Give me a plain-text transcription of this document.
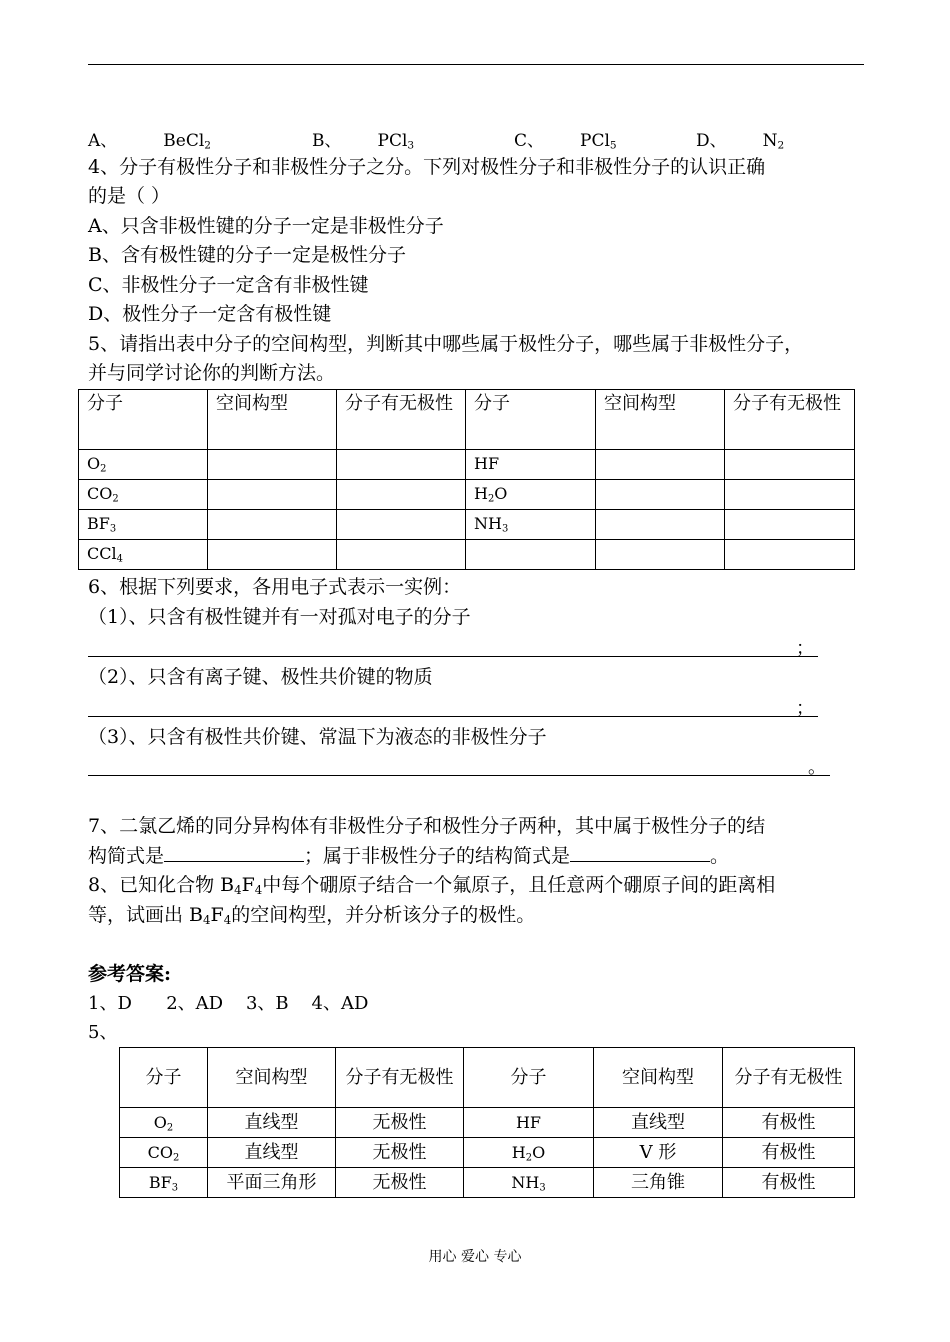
A、	BeCl$_2$	B、 PCl$_3$	C、 PCl$_5$	D、 $N_2$
4、分子有极性分子和非极性分子之分。下列对极性分子和非极性分子的认识正确
的是（ ）
A、只含非极性键的分子一定是非极性分子
B、含有极性键的分子一定是极性分子
C、非极性分子一定含有非极性键
D、极性分子一定含有极性键
5、请指出表中分子的空间构型，判断其中哪些属于极性分子，哪些属于非极性分子，
并与同学讨论你的判断方法。
分子	空间构型	分子有无极性	分子	空间构型	分子有无极性
$O_2$			HF		
$CO_2$			$H_2O$		
$BF_3$			$NH_3$		
CCl$_4$					
6、根据下列要求，各用电子式表示一实例：
（1）、只含有极性键并有一对孤对电子的分子
；
（2）、只含有离子键、极性共价键的物质
；
（3）、只含有极性共价键、常温下为液态的非极性分子
。
7、二氯乙烯的同分异构体有非极性分子和极性分子两种，其中属于极性分子的结
构简式是	；属于非极性分子的结构简式是	。
8、已知化合物 $B_4F_4$中每个硼原子结合一个氟原子，且任意两个硼原子间的距离相
等，试画出 $B_4F_4$的空间构型，并分析该分子的极性。
参考答案:
1、D      2、AD    3、B    4、AD
5、
分子	空间构型	分子有无极性	分子	空间构型	分子有无极性
$O_2$	直线型	无极性	HF	直线型	有极性
$CO_2$	直线型	无极性	$H_2O$	V 形	有极性
$BF_3$	平面三角形	无极性	$NH_3$	三角锥	有极性
用心 爱心 专心
